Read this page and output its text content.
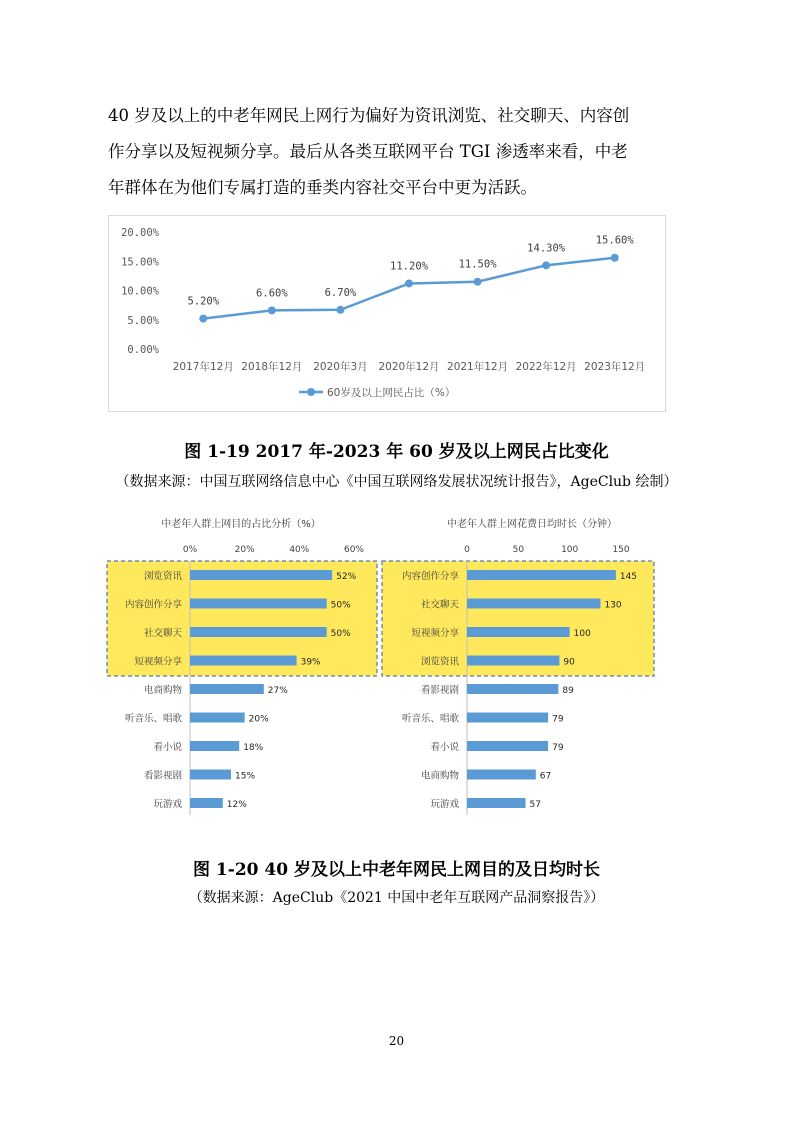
40 岁及以上的中老年网民上网行为偏好为资讯浏览、社交聊天、内容创
作分享以及短视频分享。最后从各类互联网平台 TGI 渗透率来看，中老
年群体在为他们专属打造的垂类内容社交平台中更为活跃。

0.00%
5.00%
10.00%
15.00%
20.00%
5.20%
6.60%	6.70%
11.20%	11.50%
14.30%
15.60%
2017年12月 2018年12月 2020年3月 2020年12月 2021年12月 2022年12月 2023年12月
60岁及以上网民占比（%）
图 1-19 2017 年-2023 年 60 岁及以上网民占比变化
（数据来源：中国互联网络信息中心《中国互联网络发展状况统计报告》，AgeClub 绘制）
中老年人群上网目的占比分析（%）
0%	20%	40%	60%
浏览资讯	52%
内容创作分享	50%
社交聊天	50%
短视频分享	39%
电商购物	27%
听音乐、唱歌	20%
看小说	18%
看影视剧	15%
玩游戏	12%
中老年人群上网花费日均时长（分钟）
0	50	100	150
内容创作分享	145
社交聊天	130
短视频分享	100
浏览资讯	90
看影视剧	89
听音乐、唱歌	79
看小说	79
电商购物	67
玩游戏	57
图 1-20 40 岁及以上中老年网民上网目的及日均时长
（数据来源：AgeClub《2021 中国中老年互联网产品洞察报告》）
20
